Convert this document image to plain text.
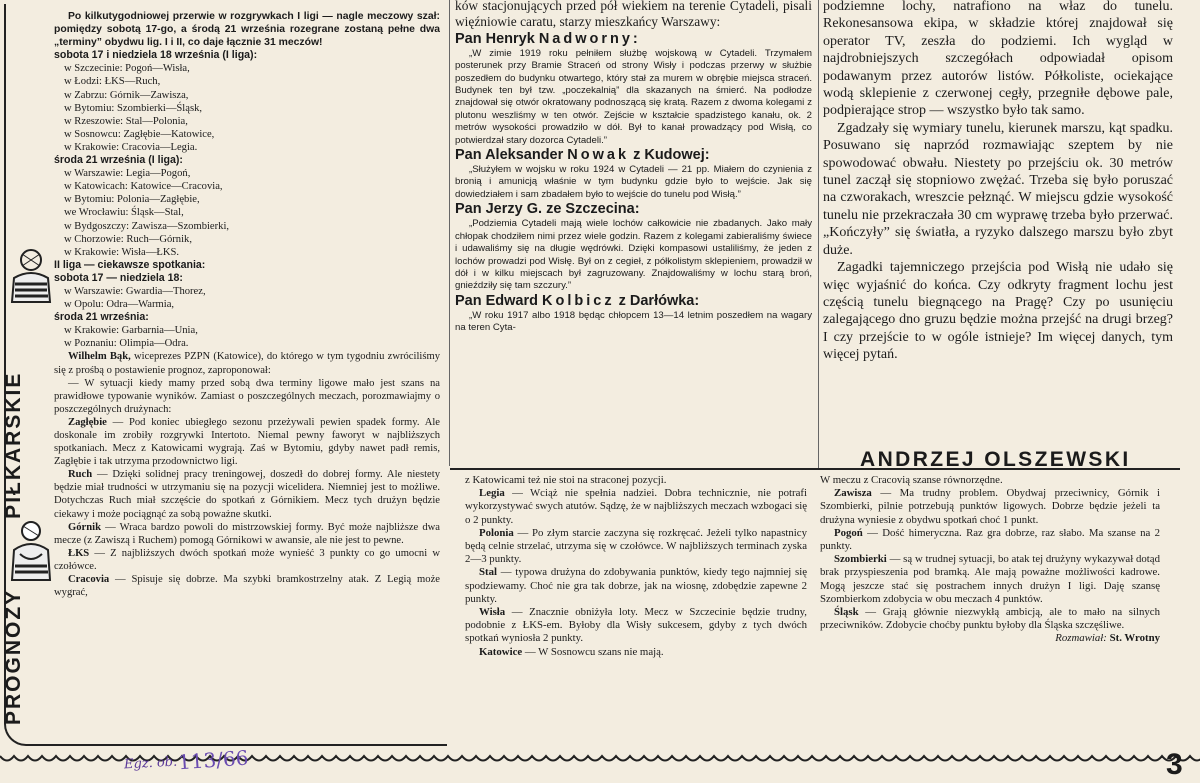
PROGNOZYPIŁKARSKIE

Po kilkutygodniowej przerwie w rozgrywkach I ligi — nagle meczowy szał: pomiędzy sobotą 17-go, a środą 21 września rozegrane zostaną pełne dwa „terminy” obydwu lig. I i II, co daje łącznie 31 meczów!

sobota 17 i niedziela 18 września (I liga):

w Szczecinie: Pogoń—Wisła,

w Łodzi: ŁKS—Ruch,

w Zabrzu: Górnik—Zawisza,

w Bytomiu: Szombierki—Śląsk,

w Rzeszowie: Stal—Polonia,

w Sosnowcu: Zagłębie—Katowice,

w Krakowie: Cracovia—Legia.

środa 21 września (I liga):

w Warszawie: Legia—Pogoń,

w Katowicach: Katowice—Cracovia,

w Bytomiu: Polonia—Zagłębie,

we Wrocławiu: Śląsk—Stal,

w Bydgoszczy: Zawisza—Szombierki,

w Chorzowie: Ruch—Górnik,

w Krakowie: Wisła—ŁKS.

II liga — ciekawsze spotkania:

sobota 17 — niedziela 18:

w Warszawie: Gwardia—Thorez,

w Opolu: Odra—Warmia,

środa 21 września:

w Krakowie: Garbarnia—Unia,

w Poznaniu: Olimpia—Odra.

Wilhelm Bąk, wiceprezes PZPN (Katowice), do którego w tym tygodniu zwróciliśmy się z prośbą o postawienie prognoz, zaproponował:

— W sytuacji kiedy mamy przed sobą dwa terminy ligowe mało jest szans na prawidłowe typowanie wyników. Zamiast o poszczególnych meczach, porozmawiajmy o poszczególnych drużynach:

Zagłębie — Pod koniec ubiegłego sezonu przeżywali pewien spadek formy. Ale doskonale im zrobiły rozgrywki Intertoto. Niemal pewny faworyt w najbliższych spotkaniach. Mecz z Katowicami wygrają. Zaś w Bytomiu, gdyby nawet padł remis, Zagłębie i tak utrzyma przodownictwo ligi.

Ruch — Dzięki solidnej pracy treningowej, doszedł do dobrej formy. Ale niestety będzie miał trudności w utrzymaniu się na pozycji wicelidera. Niemniej jest to możliwe. Dotychczas Ruch miał szczęście do spotkań z Górnikiem. Mecz tych drużyn będzie ciekawy i może pociągnąć za sobą poważne skutki.

Górnik — Wraca bardzo powoli do mistrzowskiej formy. Być może najbliższe dwa mecze (z Zawiszą i Ruchem) pomogą Górnikowi w awansie, ale nie jest to pewne.

ŁKS — Z najbliższych dwóch spotkań może wynieść 3 punkty co go umocni w czołówce.

Cracovia — Spisuje się dobrze. Ma szybki bramkostrzelny atak. Z Legią może wygrać,

ków stacjonujących przed pół wiekiem na terenie Cytadeli, pisali więźniowie caratu, starzy mieszkańcy Warszawy:

Pan Henryk Nadworny:

„W zimie 1919 roku pełniłem służbę wojskową w Cytadeli. Trzymałem posterunek przy Bramie Straceń od strony Wisły i podczas przerwy w służbie poszedłem do budynku otwartego, który stał za murem w obrębie miejsca straceń. Budynek ten był tzw. „poczekalnią” dla skazanych na śmierć. Na podłodze znajdował się otwór okratowany podnoszącą się kratą. Razem z dwoma kolegami z plutonu weszliśmy w ten otwór. Zejście w kształcie spadzistego kanału, ok. 2 metrów wysokości prowadziło w dół. Był to kanał prowadzący pod Wisłą, co potwierdzał stary dozorca Cytadeli.”

Pan Aleksander Nowak z Kudowej:

„Służyłem w wojsku w roku 1924 w Cytadeli — 21 pp. Miałem do czynienia z bronią i amunicją właśnie w tym budynku gdzie było to wejście. Jak się dowiedziałem i sam zbadałem było to wejście do tunelu pod Wisłą.”

Pan Jerzy G. ze Szczecina:

„Podziemia Cytadeli mają wiele lochów całkowicie nie zbadanych. Jako mały chłopak chodziłem nimi przez wiele godzin. Razem z kolegami zabieraliśmy świece i udawaliśmy się na długie wędrówki. Dzięki kompasowi ustaliliśmy, że jeden z lochów prowadzi pod Wisłę. Był on z cegieł, z półkolistym sklepieniem, prowadził w dół i w kilku miejscach był zagruzowany. Znajdowaliśmy w lochu starą broń, gnieździły się tam szczury.”

Pan Edward Kolbicz z Darłówka:

„W roku 1917 albo 1918 będąc chłopcem 13—14 letnim poszedłem na wagary na teren Cyta-

podziemne lochy, natrafiono na właz do tunelu. Rekonesansowa ekipa, w składzie której znajdował się operator TV, zeszła do podziemi. Ich wygląd w najdrobniejszych szczegółach odpowiadał opisom podawanym przez autorów listów. Półkoliste, ociekające wodą sklepienie z czerwonej cegły, przegniłe dębowe pale, podpierające strop — wszystko było tak samo.

Zgadzały się wymiary tunelu, kierunek marszu, kąt spadku. Posuwano się naprzód rozmawiając szeptem by nie spowodować obwału. Niestety po przejściu ok. 30 metrów tunel zaczął się stopniowo zwężać. Trzeba się było poruszać na czworakach, wreszcie pełznąć. W miejscu gdzie wysokość tunelu nie przekraczała 30 cm wyprawę trzeba było przerwać. „Kończyły” się światła, a ryzyko dalszego marszu było zbyt duże.

Zagadki tajemniczego przejścia pod Wisłą nie udało się więc wyjaśnić do końca. Czy odkryty fragment lochu jest częścią tunelu biegnącego na Pragę? Czy po usunięciu zalegającego dno gruzu będzie można przejść na drugi brzeg? I czy przejście to w ogóle istnieje? Im więcej danych, tym więcej pytań.

ANDRZEJ OLSZEWSKI

z Katowicami też nie stoi na straconej pozycji.

Legia — Wciąż nie spełnia nadziei. Dobra technicznie, nie potrafi wykorzystywać swych atutów. Sądzę, że w najbliższych meczach wzbogaci się o 2 punkty.

Polonia — Po złym starcie zaczyna się rozkręcać. Jeżeli tylko napastnicy będą celnie strzelać, utrzyma się w czołówce. W najbliższych terminach zyska 2—3 punkty.

Stal — typowa drużyna do zdobywania punktów, kiedy tego najmniej się spodziewamy. Choć nie gra tak dobrze, jak na wiosnę, zdobędzie zapewne 2 punkty.

Wisła — Znacznie obniżyła loty. Mecz w Szczecinie będzie trudny, podobnie z ŁKS-em. Byłoby dla Wisły sukcesem, gdyby z tych dwóch spotkań wyniosła 2 punkty.

Katowice — W Sosnowcu szans nie mają.

W meczu z Cracovią szanse równorzędne.

Zawisza — Ma trudny problem. Obydwaj przeciwnicy, Górnik i Szombierki, pilnie potrzebują punktów ligowych. Dobrze będzie jeżeli ta drużyna wyniesie z obydwu spotkań choć 1 punkt.

Pogoń — Dość himeryczna. Raz gra dobrze, raz słabo. Ma szanse na 2 punkty.

Szombierki — są w trudnej sytuacji, bo atak tej drużyny wykazywał dotąd brak przyspieszenia pod bramką. Ale mają poważne możliwości kadrowe. Mogą jeszcze stać się postrachem innych drużyn I ligi. Daję szansę Szombierkom zdobycia w obu meczach 4 punktów.

Śląsk — Grają głównie niezwykłą ambicją, ale to mało na silnych przeciwników. Zdobycie choćby punktu byłoby dla Śląska szczęśliwe.

Rozmawiał: St. Wrotny

Egz. ob. 113/66	3
